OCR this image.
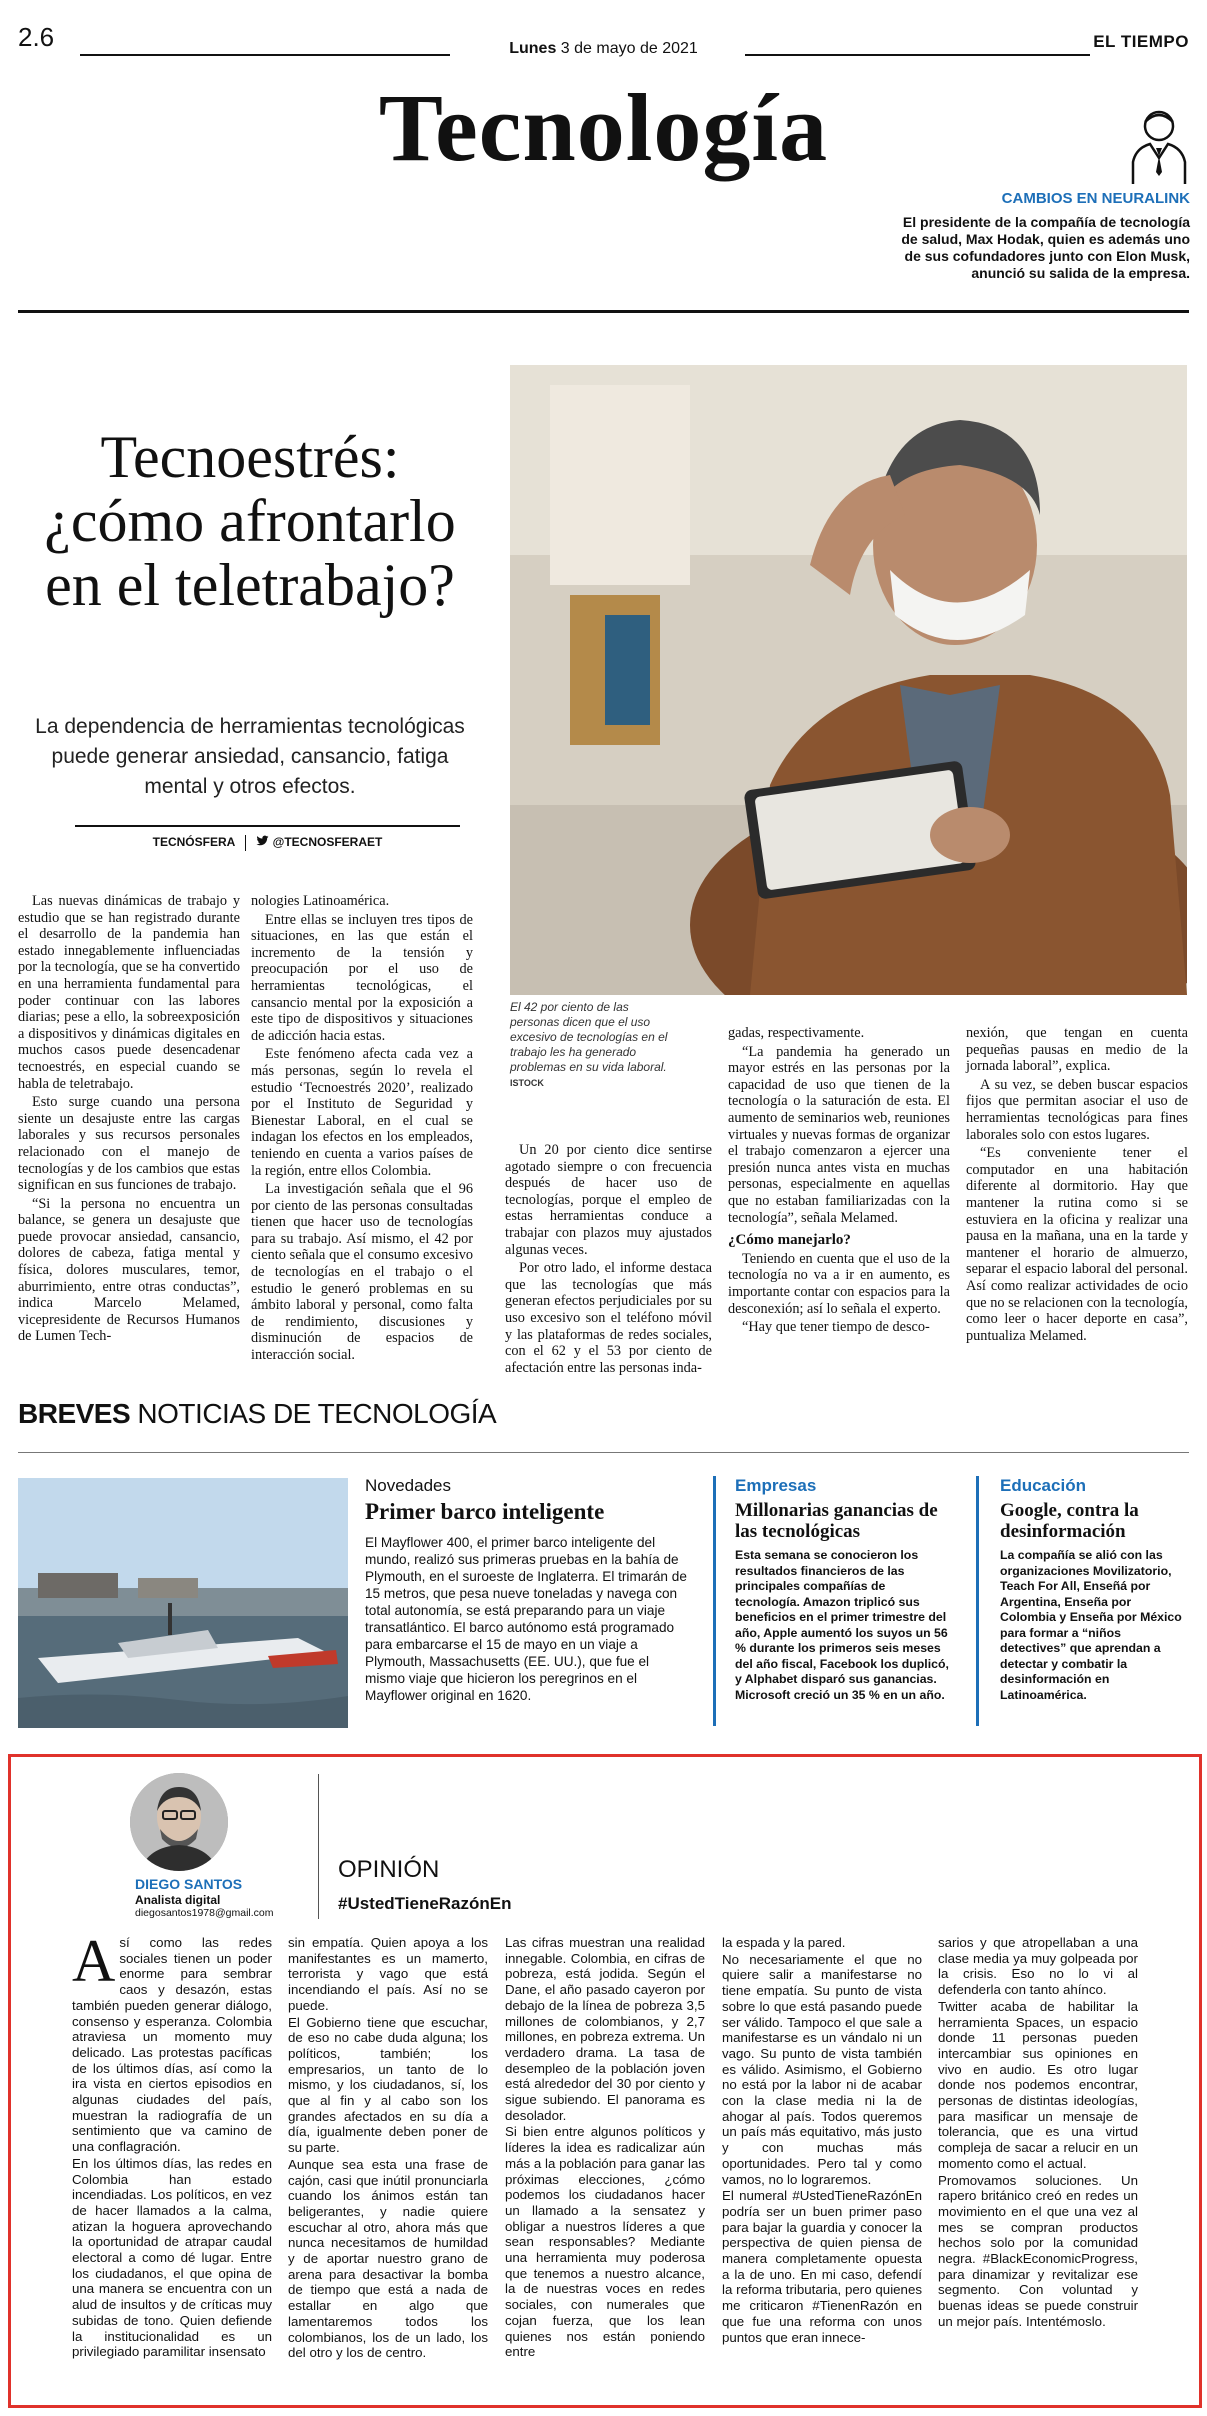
2.6	Lunes 3 de mayo de 2021	EL TIEMPO
Tecnología
CAMBIOS EN NEURALINK
El presidente de la compañía de tecnología de salud, Max Hodak, quien es además uno de sus cofundadores junto con Elon Musk, anunció su salida de la empresa.
Tecnoestrés: ¿cómo afrontarlo en el teletrabajo?
La dependencia de herramientas tecnológicas puede generar ansiedad, cansancio, fatiga mental y otros efectos.
TECNÓSFERA	@TECNOSFERAET
El 42 por ciento de las personas dicen que el uso excesivo de tecnologías en el trabajo les ha generado problemas en su vida laboral. ISTOCK

Las nuevas dinámicas de trabajo y estudio que se han registrado durante el desarrollo de la pandemia han estado innegablemente influenciadas por la tecnología, que se ha convertido en una herramienta fundamental para poder continuar con las labores diarias; pese a ello, la sobreexposición a dispositivos y dinámicas digitales en muchos casos puede desencadenar tecnoestrés, en especial cuando se habla de teletrabajo.

Esto surge cuando una persona siente un desajuste entre las cargas laborales y sus recursos personales relacionado con el manejo de tecnologías y de los cambios que estas significan en sus funciones de trabajo.

“Si la persona no encuentra un balance, se genera un desajuste que puede provocar ansiedad, cansancio, dolores de cabeza, fatiga mental y física, dolores musculares, temor, aburrimiento, entre otras conductas”, indica Marcelo Melamed, vicepresidente de Recursos Humanos de Lumen Tech-

nologies Latinoamérica.

Entre ellas se incluyen tres tipos de situaciones, en las que están el incremento de la tensión y preocupación por el uso de herramientas tecnológicas, el cansancio mental por la exposición a este tipo de dispositivos y situaciones de adicción hacia estas.

Este fenómeno afecta cada vez a más personas, según lo revela el estudio ‘Tecnoestrés 2020’, realizado por el Instituto de Seguridad y Bienestar Laboral, en el cual se indagan los efectos en los empleados, teniendo en cuenta a varios países de la región, entre ellos Colombia.

La investigación señala que el 96 por ciento de las personas consultadas tienen que hacer uso de tecnologías para su trabajo. Así mismo, el 42 por ciento señala que el consumo excesivo de tecnologías en el trabajo o el estudio le generó problemas en su ámbito laboral y personal, como falta de rendimiento, discusiones y disminución de espacios de interacción social.

Un 20 por ciento dice sentirse agotado siempre o con frecuencia después de hacer uso de tecnologías, porque el empleo de estas herramientas conduce a trabajar con plazos muy ajustados algunas veces.

Por otro lado, el informe destaca que las tecnologías que más generan efectos perjudiciales por su uso excesivo son el teléfono móvil y las plataformas de redes sociales, con el 62 y el 53 por ciento de afectación entre las personas inda-

gadas, respectivamente.

“La pandemia ha generado un mayor estrés en las personas por la capacidad de uso que tienen de la tecnología o la saturación de esta. El aumento de seminarios web, reuniones virtuales y nuevas formas de organizar el trabajo comenzaron a ejercer una presión nunca antes vista en muchas personas, especialmente en aquellas que no estaban familiarizadas con la tecnología”, señala Melamed.

¿Cómo manejarlo?

Teniendo en cuenta que el uso de la tecnología no va a ir en aumento, es importante contar con espacios para la desconexión; así lo señala el experto.

“Hay que tener tiempo de desco-

nexión, que tengan en cuenta pequeñas pausas en medio de la jornada laboral”, explica.

A su vez, se deben buscar espacios fijos que permitan asociar el uso de herramientas tecnológicas para fines laborales solo con estos lugares.

“Es conveniente tener el computador en una habitación diferente al dormitorio. Hay que mantener la rutina como si se estuviera en la oficina y realizar una pausa en la mañana, una en la tarde y mantener el horario de almuerzo, separar el espacio laboral del personal. Así como realizar actividades de ocio que no se relacionen con la tecnología, como leer o hacer deporte en casa”, puntualiza Melamed.

BREVES NOTICIAS DE TECNOLOGÍA
Novedades
Primer barco inteligente
El Mayflower 400, el primer barco inteligente del mundo, realizó sus primeras pruebas en la bahía de Plymouth, en el suroeste de Inglaterra. El trimarán de 15 metros, que pesa nueve toneladas y navega con total autonomía, se está preparando para un viaje transatlántico. El barco autónomo está programado para embarcarse el 15 de mayo en un viaje a Plymouth, Massachusetts (EE. UU.), que fue el mismo viaje que hicieron los peregrinos en el Mayflower original en 1620.
Empresas
Millonarias ganancias de las tecnológicas
Esta semana se conocieron los resultados financieros de las principales compañías de tecnología. Amazon triplicó sus beneficios en el primer trimestre del año, Apple aumentó los suyos un 56 % durante los primeros seis meses del año fiscal, Facebook los duplicó, y Alphabet disparó sus ganancias. Microsoft creció un 35 % en un año.
Educación
Google, contra la desinformación
La compañía se alió con las organizaciones Movilizatorio, Teach For All, Enseñá por Argentina, Enseña por Colombia y Enseña por México para formar a “niños detectives” que aprendan a detectar y combatir la desinformación en Latinoamérica.
DIEGO SANTOS
Analista digital
diegosantos1978@gmail.com
OPINIÓN
#UstedTieneRazónEn
A sí como las redes sociales tienen un poder enorme para sembrar caos y desazón, estas también pueden generar diálogo, consenso y esperanza. Colombia atraviesa un momento muy delicado. Las protestas pacíficas de los últimos días, así como la ira vista en ciertos episodios en algunas ciudades del país, muestran la radiografía de un sentimiento que va camino de una conflagración.

En los últimos días, las redes en Colombia han estado incendiadas. Los políticos, en vez de hacer llamados a la calma, atizan la hoguera aprovechando la oportunidad de atrapar caudal electoral a como dé lugar. Entre los ciudadanos, el que opina de una manera se encuentra con un alud de insultos y de críticas muy subidas de tono. Quien defiende la institucionalidad es un privilegiado paramilitar insensato

sin empatía. Quien apoya a los manifestantes es un mamerto, terrorista y vago que está incendiando el país. Así no se puede.

El Gobierno tiene que escuchar, de eso no cabe duda alguna; los políticos, también; los empresarios, un tanto de lo mismo, y los ciudadanos, sí, los que al fin y al cabo son los grandes afectados en su día a día, igualmente deben poner de su parte.

Aunque sea esta una frase de cajón, casi que inútil pronunciarla cuando los ánimos están tan beligerantes, y nadie quiere escuchar al otro, ahora más que nunca necesitamos de humildad y de aportar nuestro grano de arena para desactivar la bomba de tiempo que está a nada de estallar en algo que lamentaremos todos los colombianos, los de un lado, los del otro y los de centro.

Las cifras muestran una realidad innegable. Colombia, en cifras de pobreza, está jodida. Según el Dane, el año pasado cayeron por debajo de la línea de pobreza 3,5 millones de colombianos, y 2,7 millones, en pobreza extrema. Un verdadero drama. La tasa de desempleo de la población joven está alrededor del 30 por ciento y sigue subiendo. El panorama es desolador.

Si bien entre algunos políticos y líderes la idea es radicalizar aún más a la población para ganar las próximas elecciones, ¿cómo podemos los ciudadanos hacer un llamado a la sensatez y obligar a nuestros líderes a que sean responsables? Mediante una herramienta muy poderosa que tenemos a nuestro alcance, la de nuestras voces en redes sociales, con numerales que cojan fuerza, que los lean quienes nos están poniendo entre

la espada y la pared.

No necesariamente el que no quiere salir a manifestarse no tiene empatía. Su punto de vista sobre lo que está pasando puede ser válido. Tampoco el que sale a manifestarse es un vándalo ni un vago. Su punto de vista también es válido. Asimismo, el Gobierno no está por la labor ni de acabar con la clase media ni la de ahogar al país. Todos queremos un país más equitativo, más justo y con muchas más oportunidades. Pero tal y como vamos, no lo lograremos.

El numeral #UstedTieneRazónEn podría ser un buen primer paso para bajar la guardia y conocer la perspectiva de quien piensa de manera completamente opuesta a la de uno. En mi caso, defendí la reforma tributaria, pero quienes me criticaron #TienenRazón en que fue una reforma con unos puntos que eran innece-

sarios y que atropellaban a una clase media ya muy golpeada por la crisis. Eso no lo vi al defenderla con tanto ahínco.

Twitter acaba de habilitar la herramienta Spaces, un espacio donde 11 personas pueden intercambiar sus opiniones en vivo en audio. Es otro lugar donde nos podemos encontrar, personas de distintas ideologías, para masificar un mensaje de tolerancia, que es una virtud compleja de sacar a relucir en un momento como el actual.

Promovamos soluciones. Un rapero británico creó en redes un movimiento en el que una vez al mes se compran productos hechos solo por la comunidad negra. #BlackEconomicProgress, para dinamizar y revitalizar ese segmento. Con voluntad y buenas ideas se puede construir un mejor país. Intentémoslo.
